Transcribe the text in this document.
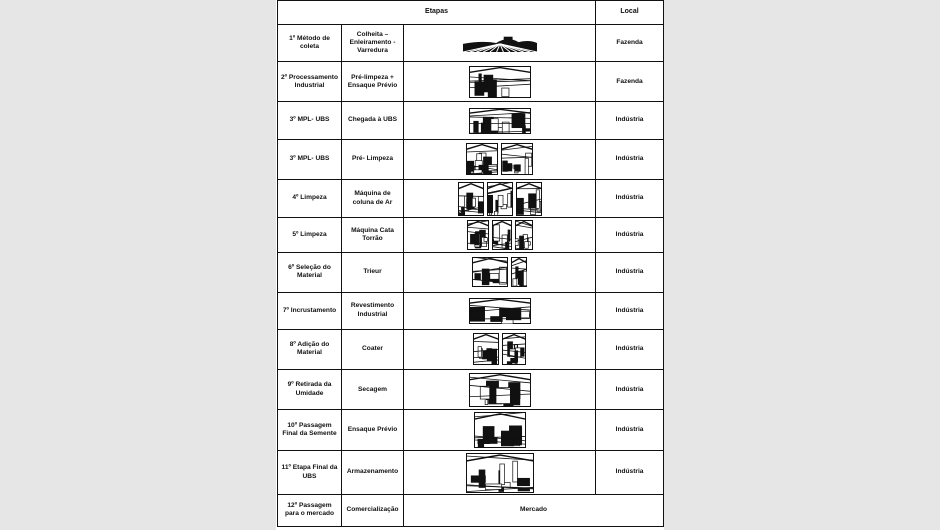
Etapas			Local
1º Método de coleta	Colheita – Enleiramento - Varredura		Fazenda
2º Processamento Industrial	Pré-limpeza + Ensaque Prévio		Fazenda
3º MPL- UBS	Chegada à UBS		Indústria
3º MPL- UBS	Pré- Limpeza		Indústria
4º Limpeza	Máquina de coluna de Ar		Indústria
5º Limpeza	Máquina Cata Torrão		Indústria
6º Seleção do Material	Trieur		Indústria
7º Incrustamento	Revestimento Industrial		Indústria
8º Adição do Material	Coater		Indústria
9º Retirada da Umidade	Secagem		Indústria
10º Passagem Final da Semente	Ensaque Prévio		Indústria
11º Etapa Final da UBS	Armazenamento		Indústria
12º Passagem para o mercado	Comercialização	Mercado	
